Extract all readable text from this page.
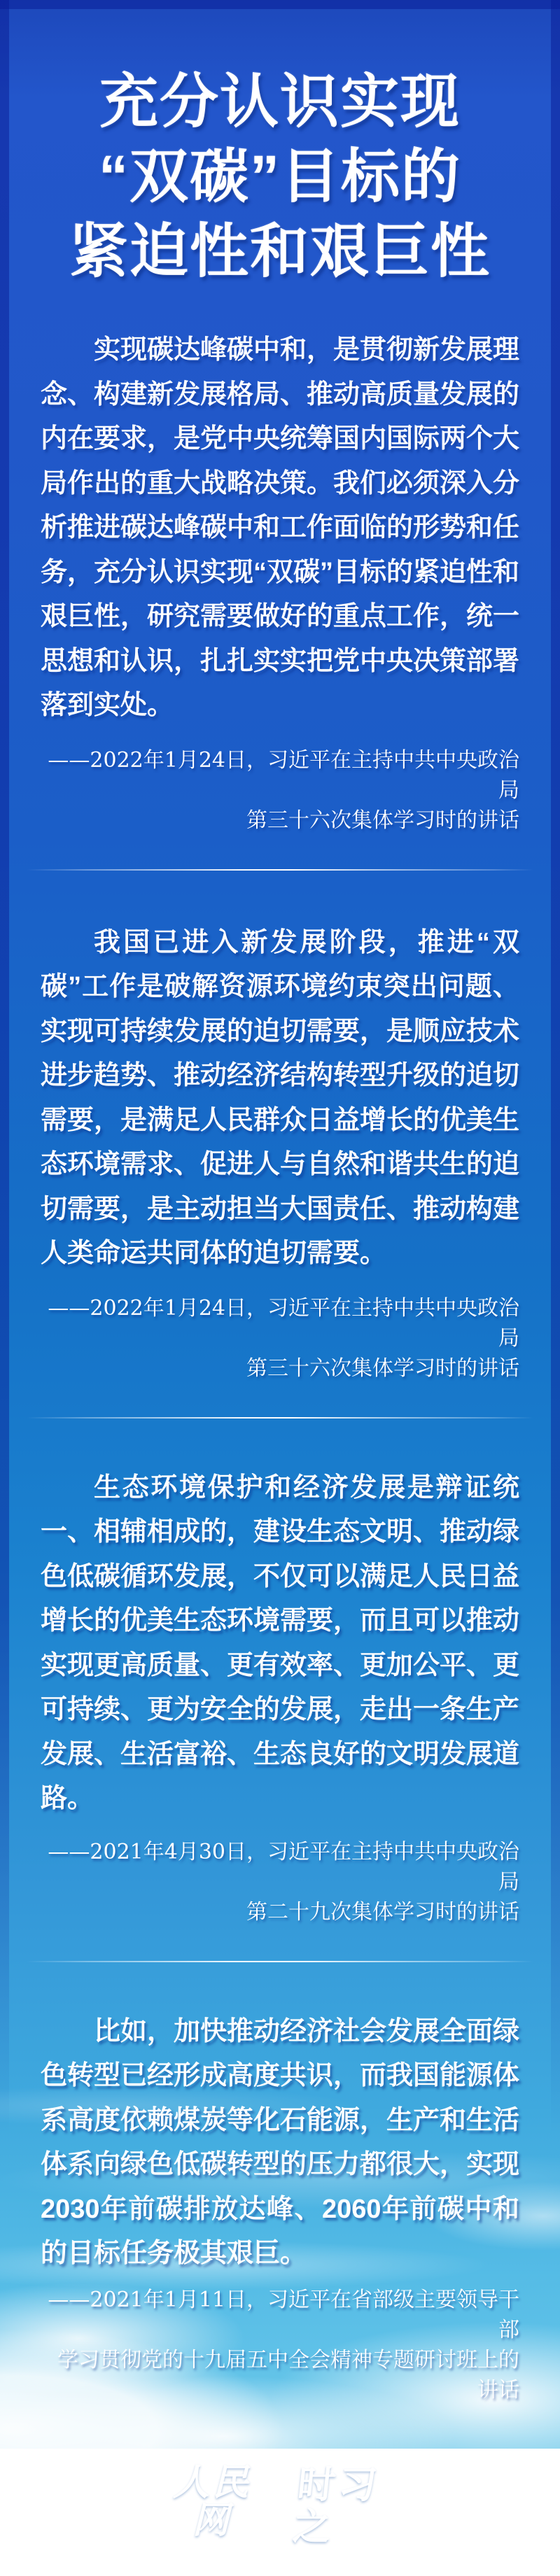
充分认识实现
“双碳”目标的
紧迫性和艰巨性

实现碳达峰碳中和，是贯彻新发展理念、构建新发展格局、推动高质量发展的内在要求，是党中央统筹国内国际两个大局作出的重大战略决策。我们必须深入分析推进碳达峰碳中和工作面临的形势和任务，充分认识实现“双碳”目标的紧迫性和艰巨性，研究需要做好的重点工作，统一思想和认识，扎扎实实把党中央决策部署落到实处。

——2022年1月24日，习近平在主持中共中央政治局
第三十六次集体学习时的讲话

我国已进入新发展阶段，推进“双碳”工作是破解资源环境约束突出问题、实现可持续发展的迫切需要，是顺应技术进步趋势、推动经济结构转型升级的迫切需要，是满足人民群众日益增长的优美生态环境需求、促进人与自然和谐共生的迫切需要，是主动担当大国责任、推动构建人类命运共同体的迫切需要。

——2022年1月24日，习近平在主持中共中央政治局
第三十六次集体学习时的讲话

生态环境保护和经济发展是辩证统一、相辅相成的，建设生态文明、推动绿色低碳循环发展，不仅可以满足人民日益增长的优美生态环境需要，而且可以推动实现更高质量、更有效率、更加公平、更可持续、更为安全的发展，走出一条生产发展、生活富裕、生态良好的文明发展道路。

——2021年4月30日，习近平在主持中共中央政治局
第二十九次集体学习时的讲话

比如，加快推动经济社会发展全面绿色转型已经形成高度共识，而我国能源体系高度依赖煤炭等化石能源，生产和生活体系向绿色低碳转型的压力都很大，实现2030年前碳排放达峰、2060年前碳中和的目标任务极其艰巨。

——2021年1月11日，习近平在省部级主要领导干部
学习贯彻党的十九届五中全会精神专题研讨班上的讲话
人民网
中国共产党新闻网
cpc.people.cn
时习之
SHI XI ZHI
